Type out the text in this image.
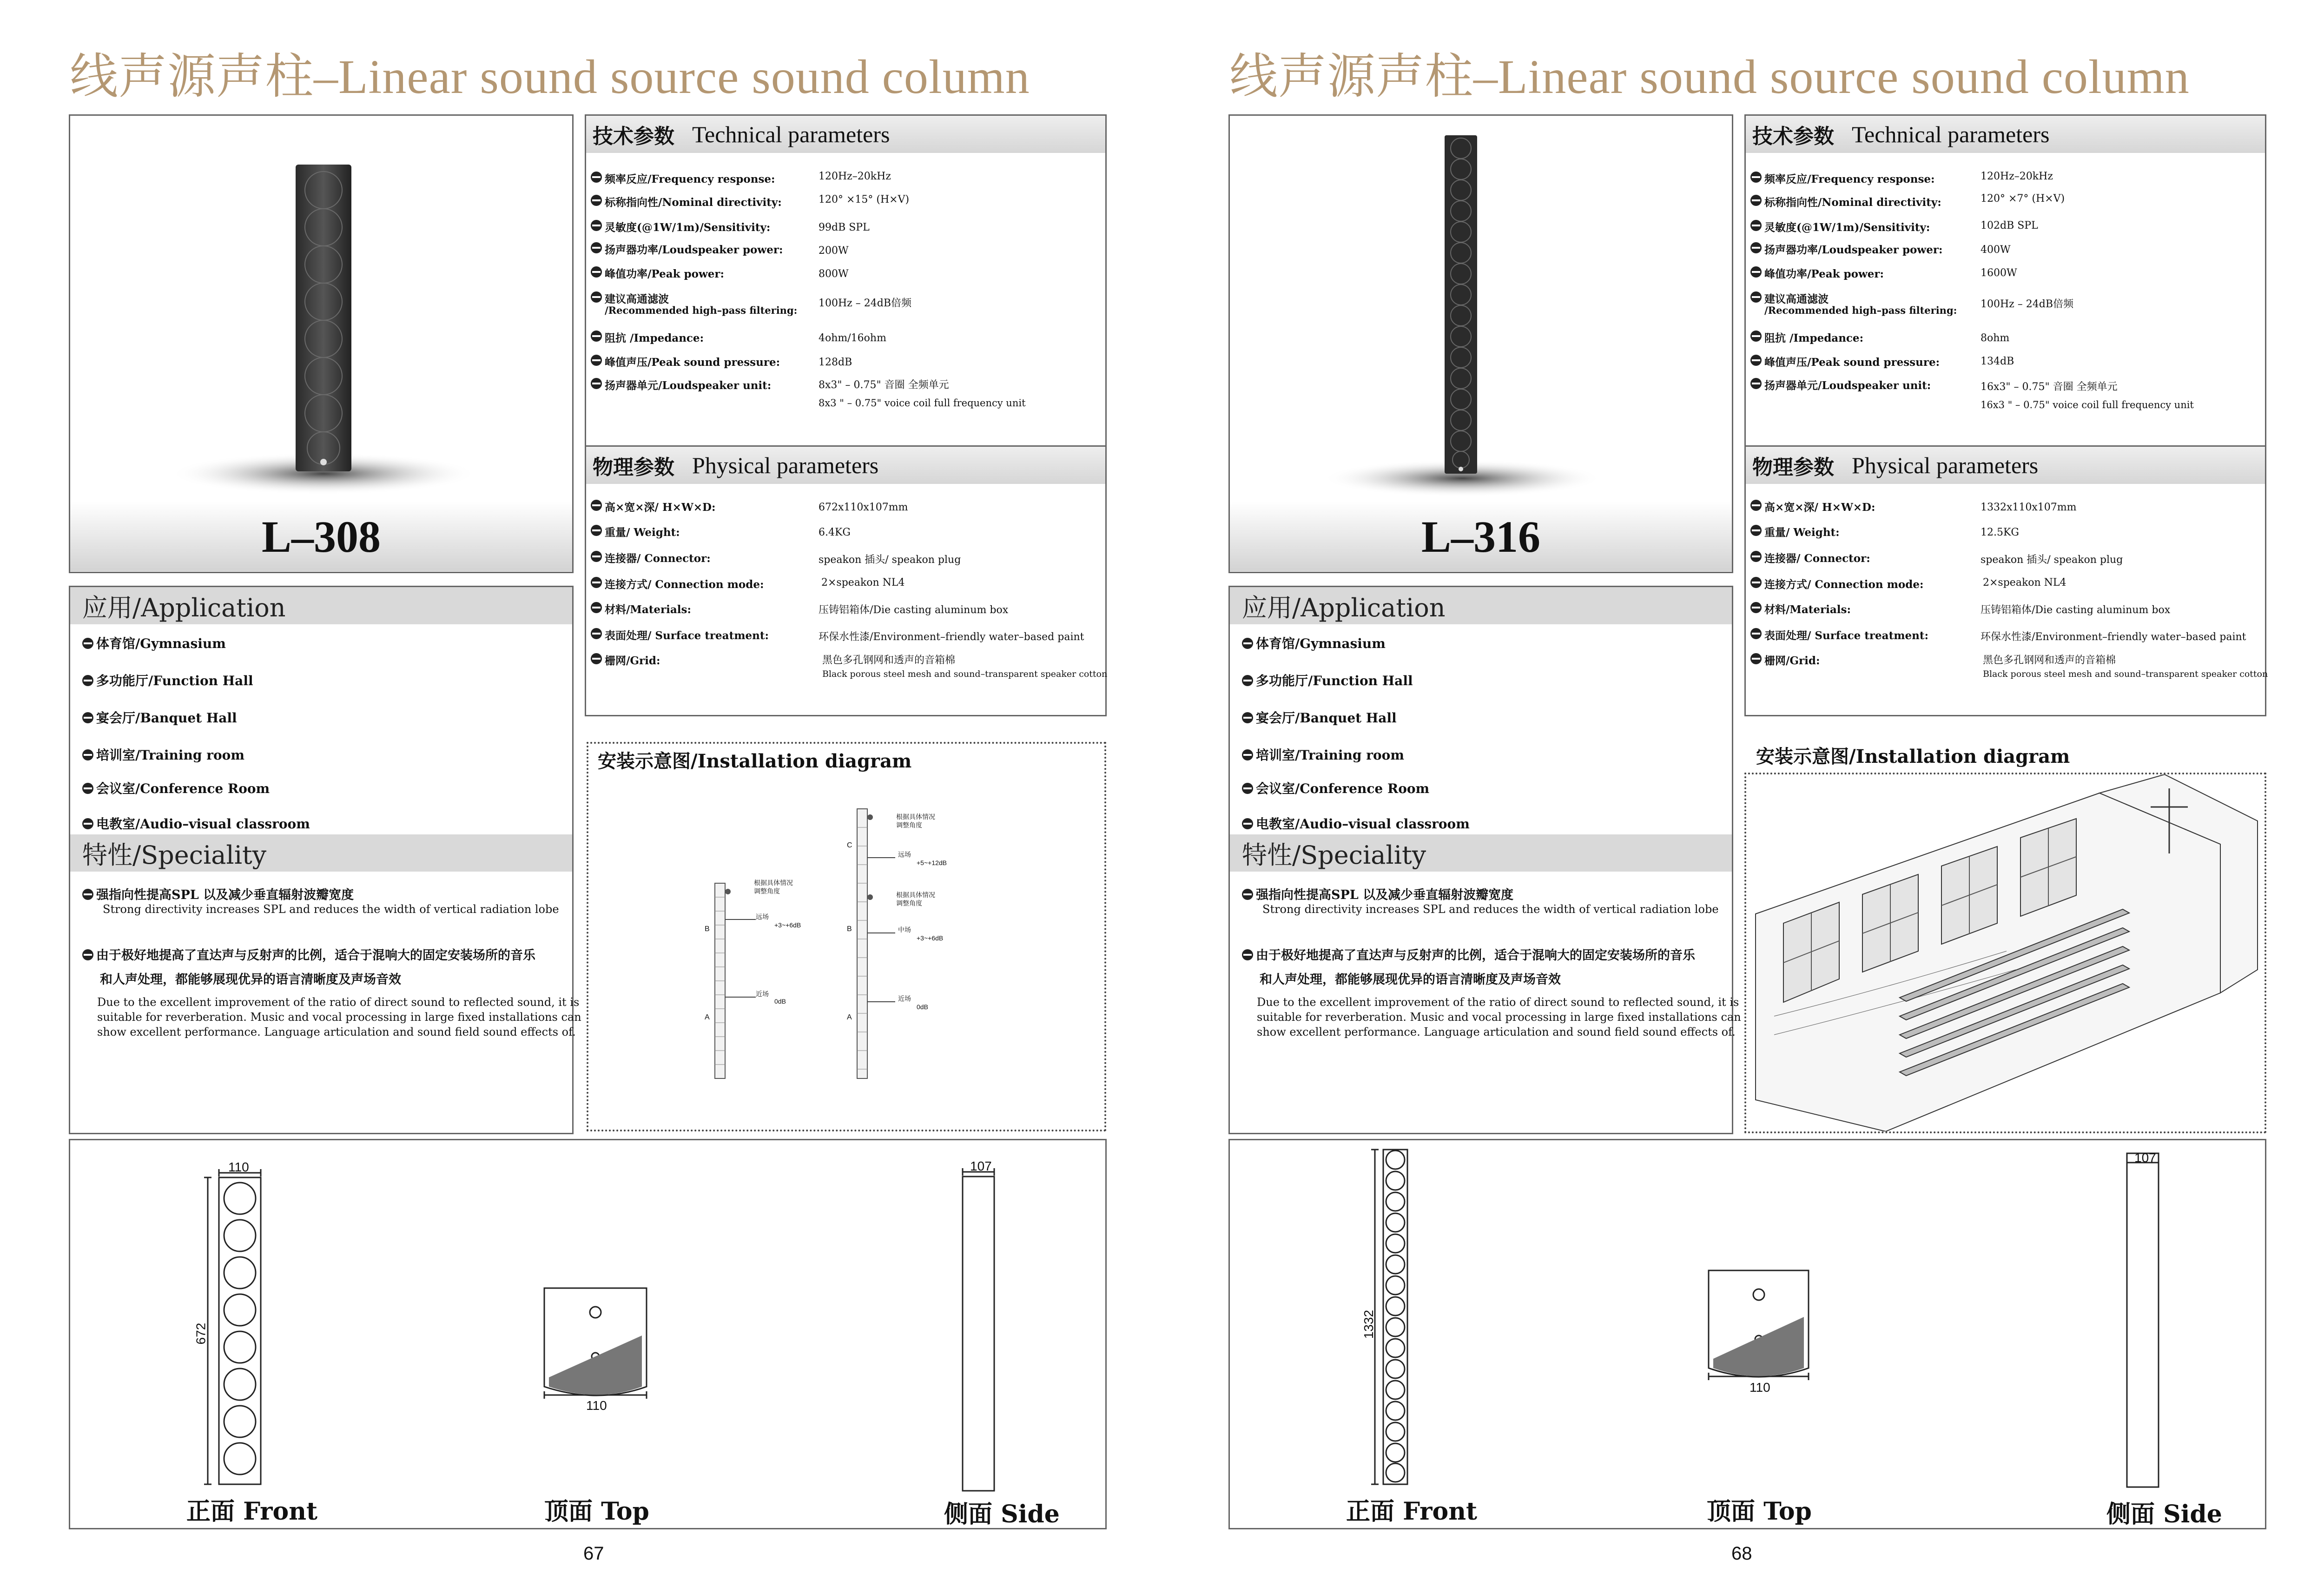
线声源声柱–Linear sound source sound column
L–308
技术参数 Technical parameters
频率反应/Frequency response:	120Hz–20kHz
标称指向性/Nominal directivity:	120° ×15° (H×V)
灵敏度(@1W/1m)/Sensitivity:	99dB SPL
扬声器功率/Loudspeaker power:	200W
峰值功率/Peak power:	800W
建议高通滤波
/Recommended high–pass filtering:
100Hz – 24dB倍频
阻抗 /Impedance:	4ohm/16ohm
峰值声压/Peak sound pressure:	128dB
扬声器单元/Loudspeaker unit:	8x3" – 0.75" 音圈 全频单元
8x3 " – 0.75" voice coil full frequency unit
物理参数 Physical parameters
高×宽×深/ H×W×D:	672x110x107mm
重量/ Weight:	6.4KG
连接器/ Connector:	speakon 插头/ speakon plug
连接方式/ Connection mode:	2×speakon NL4
材料/Materials:	压铸铝箱体/Die casting aluminum box
表面处理/ Surface treatment:	环保水性漆/Environment–friendly water–based paint
栅网/Grid:	黑色多孔钢网和透声的音箱棉
Black porous steel mesh and sound–transparent speaker cotton
应用/Application
体育馆/Gymnasium
多功能厅/Function Hall
宴会厅/Banquet Hall
培训室/Training room
会议室/Conference Room
电教室/Audio–visual classroom
特性/Speciality
强指向性提高SPL 以及减少垂直辐射波瓣宽度
Strong directivity increases SPL and reduces the width of vertical radiation lobe
由于极好地提高了直达声与反射声的比例，适合于混响大的固定安装场所的音乐
和人声处理，都能够展现优异的语言清晰度及声场音效
Due to the excellent improvement of the ratio of direct sound to reflected sound, it is
suitable for reverberation. Music and vocal processing in large fixed installations can
show excellent performance. Language articulation and sound field sound effects of.
安装示意图/Installation diagram
根据具体情况
调整角度
根据具体情况
调整角度
根据具体情况
调整角度
远场
+3~+6dB
近场
0dB
远场
+5~+12dB
中场
+3~+6dB
近场
0dB
B
A
C
B
A
110
672
110
107
正面 Front	顶面 Top	侧面 Side
67
线声源声柱–Linear sound source sound column
L–316
技术参数 Technical parameters
频率反应/Frequency response:	120Hz–20kHz
标称指向性/Nominal directivity:	120° ×7° (H×V)
灵敏度(@1W/1m)/Sensitivity:	102dB SPL
扬声器功率/Loudspeaker power:	400W
峰值功率/Peak power:	1600W
建议高通滤波
/Recommended high–pass filtering:
100Hz – 24dB倍频
阻抗 /Impedance:	8ohm
峰值声压/Peak sound pressure:	134dB
扬声器单元/Loudspeaker unit:	16x3" – 0.75" 音圈 全频单元
16x3 " – 0.75" voice coil full frequency unit
物理参数 Physical parameters
高×宽×深/ H×W×D:	1332x110x107mm
重量/ Weight:	12.5KG
连接器/ Connector:	speakon 插头/ speakon plug
连接方式/ Connection mode:	2×speakon NL4
材料/Materials:	压铸铝箱体/Die casting aluminum box
表面处理/ Surface treatment:	环保水性漆/Environment–friendly water–based paint
栅网/Grid:	黑色多孔钢网和透声的音箱棉
Black porous steel mesh and sound–transparent speaker cotton
应用/Application
体育馆/Gymnasium
多功能厅/Function Hall
宴会厅/Banquet Hall
培训室/Training room
会议室/Conference Room
电教室/Audio–visual classroom
特性/Speciality
强指向性提高SPL 以及减少垂直辐射波瓣宽度
Strong directivity increases SPL and reduces the width of vertical radiation lobe
由于极好地提高了直达声与反射声的比例，适合于混响大的固定安装场所的音乐
和人声处理，都能够展现优异的语言清晰度及声场音效
Due to the excellent improvement of the ratio of direct sound to reflected sound, it is
suitable for reverberation. Music and vocal processing in large fixed installations can
show excellent performance. Language articulation and sound field sound effects of.
安装示意图/Installation diagram
1332
110
107
正面 Front	顶面 Top	侧面 Side
68
